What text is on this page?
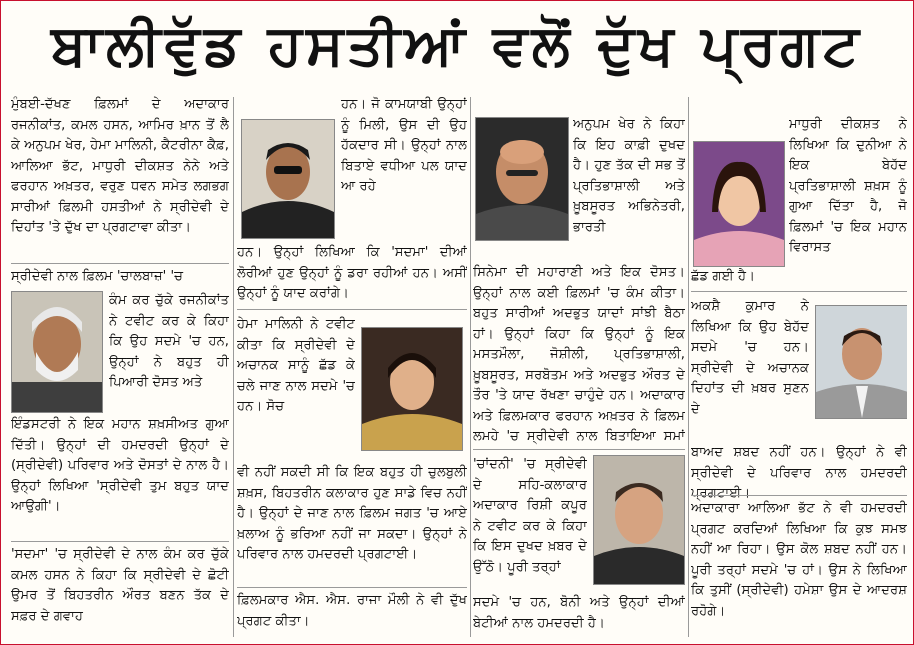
ਬਾਲੀਵੁੱਡ ਹਸਤੀਆਂ ਵਲੋਂ ਦੁੱਖ ਪ੍ਰਗਟ

ਮੁੰਬਈ-ਦੱਖਣ ਫ਼ਿਲਮਾਂ ਦੇ ਅਦਾਕਾਰ ਰਜਨੀਕਾਂਤ, ਕਮਲ ਹਸਨ, ਆਮਿਰ ਖ਼ਾਨ ਤੋਂ ਲੈ ਕੇ ਅਨੁਪਮ ਖੇਰ, ਹੇਮਾ ਮਾਲਿਨੀ, ਕੈਟਰੀਨਾ ਕੈਫ਼, ਆਲਿਆ ਭੱਟ, ਮਾਧੁਰੀ ਦੀਕਸ਼ਤ ਨੇਨੇ ਅਤੇ ਫਰਹਾਨ ਅਖ਼ਤਰ, ਵਰੁਣ ਧਵਨ ਸਮੇਤ ਲਗਭਗ ਸਾਰੀਆਂ ਫ਼ਿਲਮੀ ਹਸਤੀਆਂ ਨੇ ਸ੍ਰੀਦੇਵੀ ਦੇ ਦਿਹਾਂਤ 'ਤੇ ਦੁੱਖ ਦਾ ਪ੍ਰਗਟਾਵਾ ਕੀਤਾ।

ਸ੍ਰੀਦੇਵੀ ਨਾਲ ਫ਼ਿਲਮ 'ਚਾਲਬਾਜ਼' 'ਚ

ਕੰਮ ਕਰ ਚੁੱਕੇ ਰਜਨੀਕਾਂਤ ਨੇ ਟਵੀਟ ਕਰ ਕੇ ਕਿਹਾ ਕਿ ਉਹ ਸਦਮੇ 'ਚ ਹਨ, ਉਨ੍ਹਾਂ ਨੇ ਬਹੁਤ ਹੀ ਪਿਆਰੀ ਦੋਸਤ ਅਤੇ

ਇੰਡਸਟਰੀ ਨੇ ਇਕ ਮਹਾਨ ਸ਼ਖ਼ਸੀਅਤ ਗੁਆ ਦਿੱਤੀ। ਉਨ੍ਹਾਂ ਦੀ ਹਮਦਰਦੀ ਉਨ੍ਹਾਂ ਦੇ (ਸ੍ਰੀਦੇਵੀ) ਪਰਿਵਾਰ ਅਤੇ ਦੋਸਤਾਂ ਦੇ ਨਾਲ ਹੈ। ਉਨ੍ਹਾਂ ਲਿਖਿਆ 'ਸ੍ਰੀਦੇਵੀ ਤੁਮ ਬਹੁਤ ਯਾਦ ਆਉਗੀ'।

'ਸਦਮਾ' 'ਚ ਸ੍ਰੀਦੇਵੀ ਦੇ ਨਾਲ ਕੰਮ ਕਰ ਚੁੱਕੇ ਕਮਲ ਹਸਨ ਨੇ ਕਿਹਾ ਕਿ ਸ੍ਰੀਦੇਵੀ ਦੇ ਛੋਟੀ ਉਮਰ ਤੋਂ ਬਿਹਤਰੀਨ ਔਰਤ ਬਣਨ ਤੱਕ ਦੇ ਸਫ਼ਰ ਦੇ ਗਵਾਹ

ਹਨ। ਜੋ ਕਾਮਯਾਬੀ ਉਨ੍ਹਾਂ ਨੂੰ ਮਿਲੀ, ਉਸ ਦੀ ਉਹ ਹੱਕਦਾਰ ਸੀ। ਉਨ੍ਹਾਂ ਨਾਲ ਬਿਤਾਏ ਵਧੀਆ ਪਲ ਯਾਦ ਆ ਰਹੇ

ਹਨ। ਉਨ੍ਹਾਂ ਲਿਖਿਆ ਕਿ 'ਸਦਮਾ' ਦੀਆਂ ਲੋਰੀਆਂ ਹੁਣ ਉਨ੍ਹਾਂ ਨੂੰ ਡਰਾ ਰਹੀਆਂ ਹਨ। ਅਸੀਂ ਉਨ੍ਹਾਂ ਨੂੰ ਯਾਦ ਕਰਾਂਗੇ।

ਹੇਮਾ ਮਾਲਿਨੀ ਨੇ ਟਵੀਟ ਕੀਤਾ ਕਿ ਸ੍ਰੀਦੇਵੀ ਦੇ ਅਚਾਨਕ ਸਾਨੂੰ ਛੱਡ ਕੇ ਚਲੇ ਜਾਣ ਨਾਲ ਸਦਮੇ 'ਚ ਹਨ। ਸੋਚ

ਵੀ ਨਹੀਂ ਸਕਦੀ ਸੀ ਕਿ ਇਕ ਬਹੁਤ ਹੀ ਚੁਲਬੁਲੀ ਸ਼ਖ਼ਸ, ਬਿਹਤਰੀਨ ਕਲਾਕਾਰ ਹੁਣ ਸਾਡੇ ਵਿਚ ਨਹੀਂ ਹੈ। ਉਨ੍ਹਾਂ ਦੇ ਜਾਣ ਨਾਲ ਫ਼ਿਲਮ ਜਗਤ 'ਚ ਆਏ ਖ਼ਲਾਅ ਨੂੰ ਭਰਿਆ ਨਹੀਂ ਜਾ ਸਕਦਾ। ਉਨ੍ਹਾਂ ਨੇ ਪਰਿਵਾਰ ਨਾਲ ਹਮਦਰਦੀ ਪ੍ਰਗਟਾਈ।

ਫ਼ਿਲਮਕਾਰ ਐਸ. ਐਸ. ਰਾਜਾ ਮੌਲੀ ਨੇ ਵੀ ਦੁੱਖ ਪ੍ਰਗਟ ਕੀਤਾ।

ਅਨੁਪਮ ਖੇਰ ਨੇ ਕਿਹਾ ਕਿ ਇਹ ਕਾਫ਼ੀ ਦੁਖਦ ਹੈ। ਹੁਣ ਤੱਕ ਦੀ ਸਭ ਤੋਂ ਪ੍ਰਤਿਭਾਸ਼ਾਲੀ ਅਤੇ ਖ਼ੂਬਸੂਰਤ ਅਭਿਨੇਤਰੀ, ਭਾਰਤੀ

ਸਿਨੇਮਾ ਦੀ ਮਹਾਰਾਣੀ ਅਤੇ ਇਕ ਦੋਸਤ। ਉਨ੍ਹਾਂ ਨਾਲ ਕਈ ਫ਼ਿਲਮਾਂ 'ਚ ਕੰਮ ਕੀਤਾ। ਬਹੁਤ ਸਾਰੀਆਂ ਅਦਭੁਤ ਯਾਦਾਂ ਸਾਂਝੀ ਬੈਠਾ ਹਾਂ। ਉਨ੍ਹਾਂ ਕਿਹਾ ਕਿ ਉਨ੍ਹਾਂ ਨੂੰ ਇਕ ਮਸਤਮੌਲਾ, ਜੋਸ਼ੀਲੀ, ਪ੍ਰਤਿਭਾਸ਼ਾਲੀ, ਖ਼ੂਬਸੂਰਤ, ਸਰਬੋਤਮ ਅਤੇ ਅਦਭੁਤ ਔਰਤ ਦੇ ਤੌਰ 'ਤੇ ਯਾਦ ਰੱਖਣਾ ਚਾਹੁੰਦੇ ਹਨ। ਅਦਾਕਾਰ ਅਤੇ ਫ਼ਿਲਮਕਾਰ ਫਰਹਾਨ ਅਖ਼ਤਰ ਨੇ ਫ਼ਿਲਮ ਲਮਹੇ 'ਚ ਸ੍ਰੀਦੇਵੀ ਨਾਲ ਬਿਤਾਇਆ ਸਮਾਂ

'ਚਾਂਦਨੀ' 'ਚ ਸ੍ਰੀਦੇਵੀ ਦੇ ਸਹਿ-ਕਲਾਕਾਰ ਅਦਾਕਾਰ ਰਿਸ਼ੀ ਕਪੂਰ ਨੇ ਟਵੀਟ ਕਰ ਕੇ ਕਿਹਾ ਕਿ ਇਸ ਦੁਖਦ ਖ਼ਬਰ ਦੇ ਉੱਠੋ। ਪੂਰੀ ਤਰ੍ਹਾਂ

ਸਦਮੇ 'ਚ ਹਨ, ਬੋਨੀ ਅਤੇ ਉਨ੍ਹਾਂ ਦੀਆਂ ਬੇਟੀਆਂ ਨਾਲ ਹਮਦਰਦੀ ਹੈ।

ਮਾਧੁਰੀ ਦੀਕਸ਼ਤ ਨੇ ਲਿਖਿਆ ਕਿ ਦੁਨੀਆ ਨੇ ਇਕ ਬੇਹੱਦ ਪ੍ਰਤਿਭਾਸ਼ਾਲੀ ਸ਼ਖ਼ਸ ਨੂੰ ਗੁਆ ਦਿੱਤਾ ਹੈ, ਜੋ ਫ਼ਿਲਮਾਂ 'ਚ ਇਕ ਮਹਾਨ ਵਿਰਾਸਤ

ਛੱਡ ਗਈ ਹੈ।

ਅਕਸ਼ੈ ਕੁਮਾਰ ਨੇ ਲਿਖਿਆ ਕਿ ਉਹ ਬੇਹੱਦ ਸਦਮੇ 'ਚ ਹਨ। ਸ੍ਰੀਦੇਵੀ ਦੇ ਅਚਾਨਕ ਦਿਹਾਂਤ ਦੀ ਖ਼ਬਰ ਸੁਣਨ ਦੇ

ਬਾਅਦ ਸ਼ਬਦ ਨਹੀਂ ਹਨ। ਉਨ੍ਹਾਂ ਨੇ ਵੀ ਸ੍ਰੀਦੇਵੀ ਦੇ ਪਰਿਵਾਰ ਨਾਲ ਹਮਦਰਦੀ ਪ੍ਰਗਟਾਈ।

ਅਦਾਕਾਰਾ ਆਲਿਆ ਭੱਟ ਨੇ ਵੀ ਹਮਦਰਦੀ ਪ੍ਰਗਟ ਕਰਦਿਆਂ ਲਿਖਿਆ ਕਿ ਕੁਝ ਸਮਝ ਨਹੀਂ ਆ ਰਿਹਾ। ਉਸ ਕੋਲ ਸ਼ਬਦ ਨਹੀਂ ਹਨ। ਪੂਰੀ ਤਰ੍ਹਾਂ ਸਦਮੇ 'ਚ ਹਾਂ। ਉਸ ਨੇ ਲਿਖਿਆ ਕਿ ਤੁਸੀਂ (ਸ੍ਰੀਦੇਵੀ) ਹਮੇਸ਼ਾ ਉਸ ਦੇ ਆਦਰਸ਼ ਰਹੋਗੇ।
